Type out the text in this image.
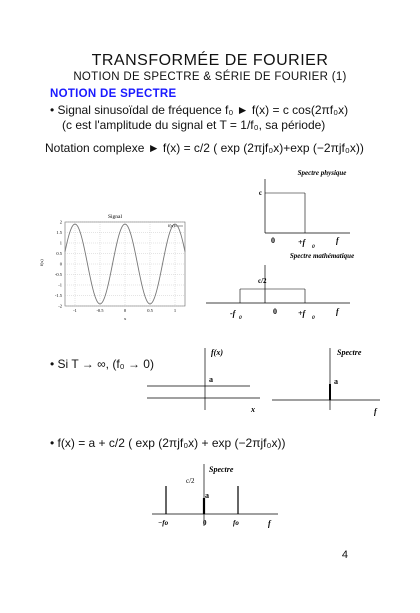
TRANSFORMÉE DE FOURIER
NOTION DE SPECTRE & SÉRIE DE FOURIER (1)
NOTION DE SPECTRE
• Signal sinusoïdal de fréquence f₀ ► f(x) = c cos(2πf₀x)
(c est l'amplitude du signal et T = 1/f₀, sa période)
Notation complexe ► f(x) = c/2 ( exp (2πjf₀x)+exp (−2πjf₀x))
Signal
2
1.5
1
0.5
0
-0.5
-1
-1.5
-2
-1	-0.5	0	0.5	1
f(x)
f(x)
x
Spectre physique
c
0	+f 0
f
Spectre mathématique
c/2
-f 0
0	+f 0
f
• Si T → ∞, (f₀ → 0)
f(x)
a
x
Spectre
a
f
• f(x) = a + c/2 ( exp (2πjf₀x) + exp (−2πjf₀x))
Spectre
c/2
a
−fo	0	fo	f
4
